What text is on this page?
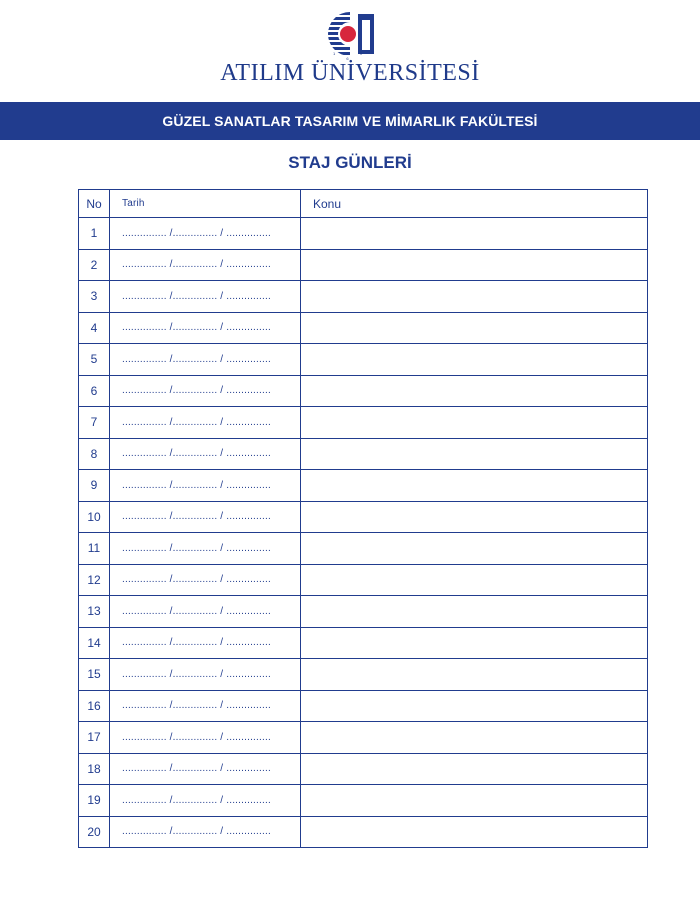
1 9 9 6
ATILIM ÜNİVERSİTESİ
GÜZEL SANATLAR TASARIM VE MİMARLIK FAKÜLTESİ
STAJ GÜNLERİ
No	Tarih	Konu
1	............... /............... / ...............	
2	............... /............... / ...............	
3	............... /............... / ...............	
4	............... /............... / ...............	
5	............... /............... / ...............	
6	............... /............... / ...............	
7	............... /............... / ...............	
8	............... /............... / ...............	
9	............... /............... / ...............	
10	............... /............... / ...............	
11	............... /............... / ...............	
12	............... /............... / ...............	
13	............... /............... / ...............	
14	............... /............... / ...............	
15	............... /............... / ...............	
16	............... /............... / ...............	
17	............... /............... / ...............	
18	............... /............... / ...............	
19	............... /............... / ...............	
20	............... /............... / ...............	
